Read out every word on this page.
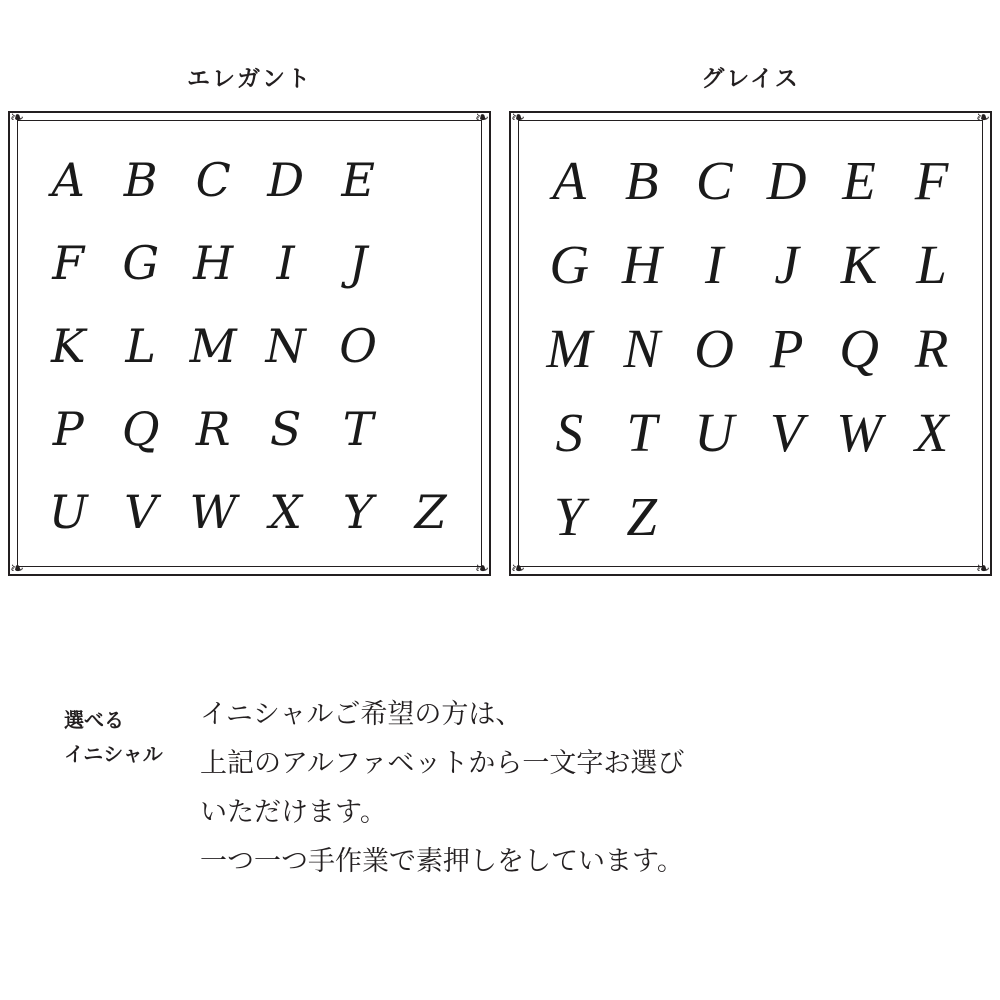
エレガント
❧	❧
❧	❧
A B C D E
F G H I	J
K L M N O
P Q R S T
U V W X Y Z
グレイス
❧	❧
❧	❧
A B C D E F
G H I J K L
M N O P Q R
S T U V W X
Y Z
選べる
イニシャル

イニシャルご希望の方は、

上記のアルファベットから一文字お選び

いただけます。

一つ一つ手作業で素押しをしています。
